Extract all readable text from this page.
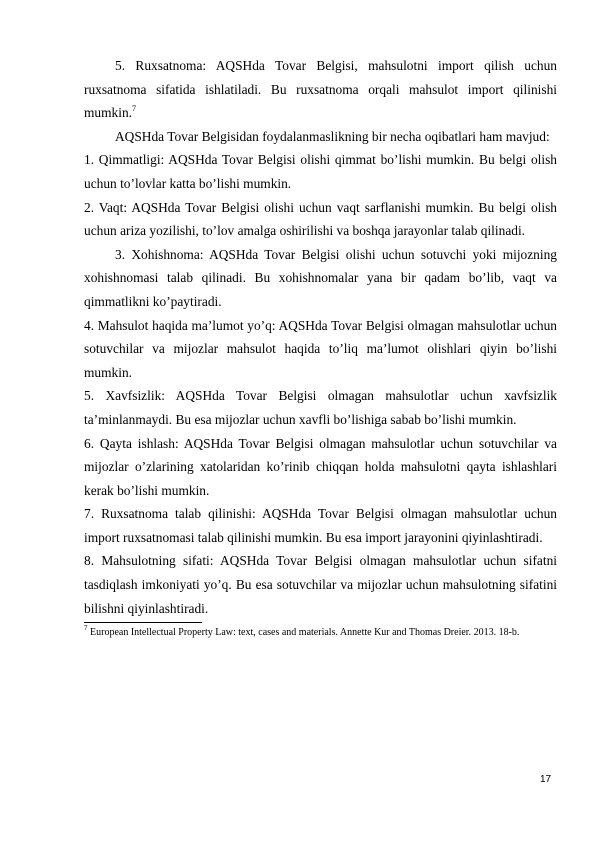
5. Ruxsatnoma: AQSHda Tovar Belgisi, mahsulotni import qilish uchun ruxsatnoma sifatida ishlatiladi. Bu ruxsatnoma orqali mahsulot import qilinishi mumkin.$^7$

AQSHda Tovar Belgisidan foydalanmaslikning bir necha oqibatlari ham mavjud:

1. Qimmatligi: AQSHda Tovar Belgisi olishi qimmat bo’lishi mumkin. Bu belgi olish uchun to’lovlar katta bo’lishi mumkin.

2. Vaqt: AQSHda Tovar Belgisi olishi uchun vaqt sarflanishi mumkin. Bu belgi olish uchun ariza yozilishi, to’lov amalga oshirilishi va boshqa jarayonlar talab qilinadi.

3. Xohishnoma: AQSHda Tovar Belgisi olishi uchun sotuvchi yoki mijozning xohishnomasi talab qilinadi. Bu xohishnomalar yana bir qadam bo’lib, vaqt va qimmatlikni ko’paytiradi.

4. Mahsulot haqida ma’lumot yo’q: AQSHda Tovar Belgisi olmagan mahsulotlar uchun sotuvchilar va mijozlar mahsulot haqida to’liq ma’lumot olishlari qiyin bo’lishi mumkin.

5. Xavfsizlik: AQSHda Tovar Belgisi olmagan mahsulotlar uchun xavfsizlik ta’minlanmaydi. Bu esa mijozlar uchun xavfli bo’lishiga sabab bo’lishi mumkin.

6. Qayta ishlash: AQSHda Tovar Belgisi olmagan mahsulotlar uchun sotuvchilar va mijozlar o’zlarining xatolaridan ko’rinib chiqqan holda mahsulotni qayta ishlashlari kerak bo’lishi mumkin.

7. Ruxsatnoma talab qilinishi: AQSHda Tovar Belgisi olmagan mahsulotlar uchun import ruxsatnomasi talab qilinishi mumkin. Bu esa import jarayonini qiyinlashtiradi.

8. Mahsulotning sifati: AQSHda Tovar Belgisi olmagan mahsulotlar uchun sifatni tasdiqlash imkoniyati yo’q. Bu esa sotuvchilar va mijozlar uchun mahsulotning sifatini bilishni qiyinlashtiradi.

$^7$ European Intellectual Property Law: text, cases and materials. Annette Kur and Thomas Dreier. 2013. 18-b.

17
